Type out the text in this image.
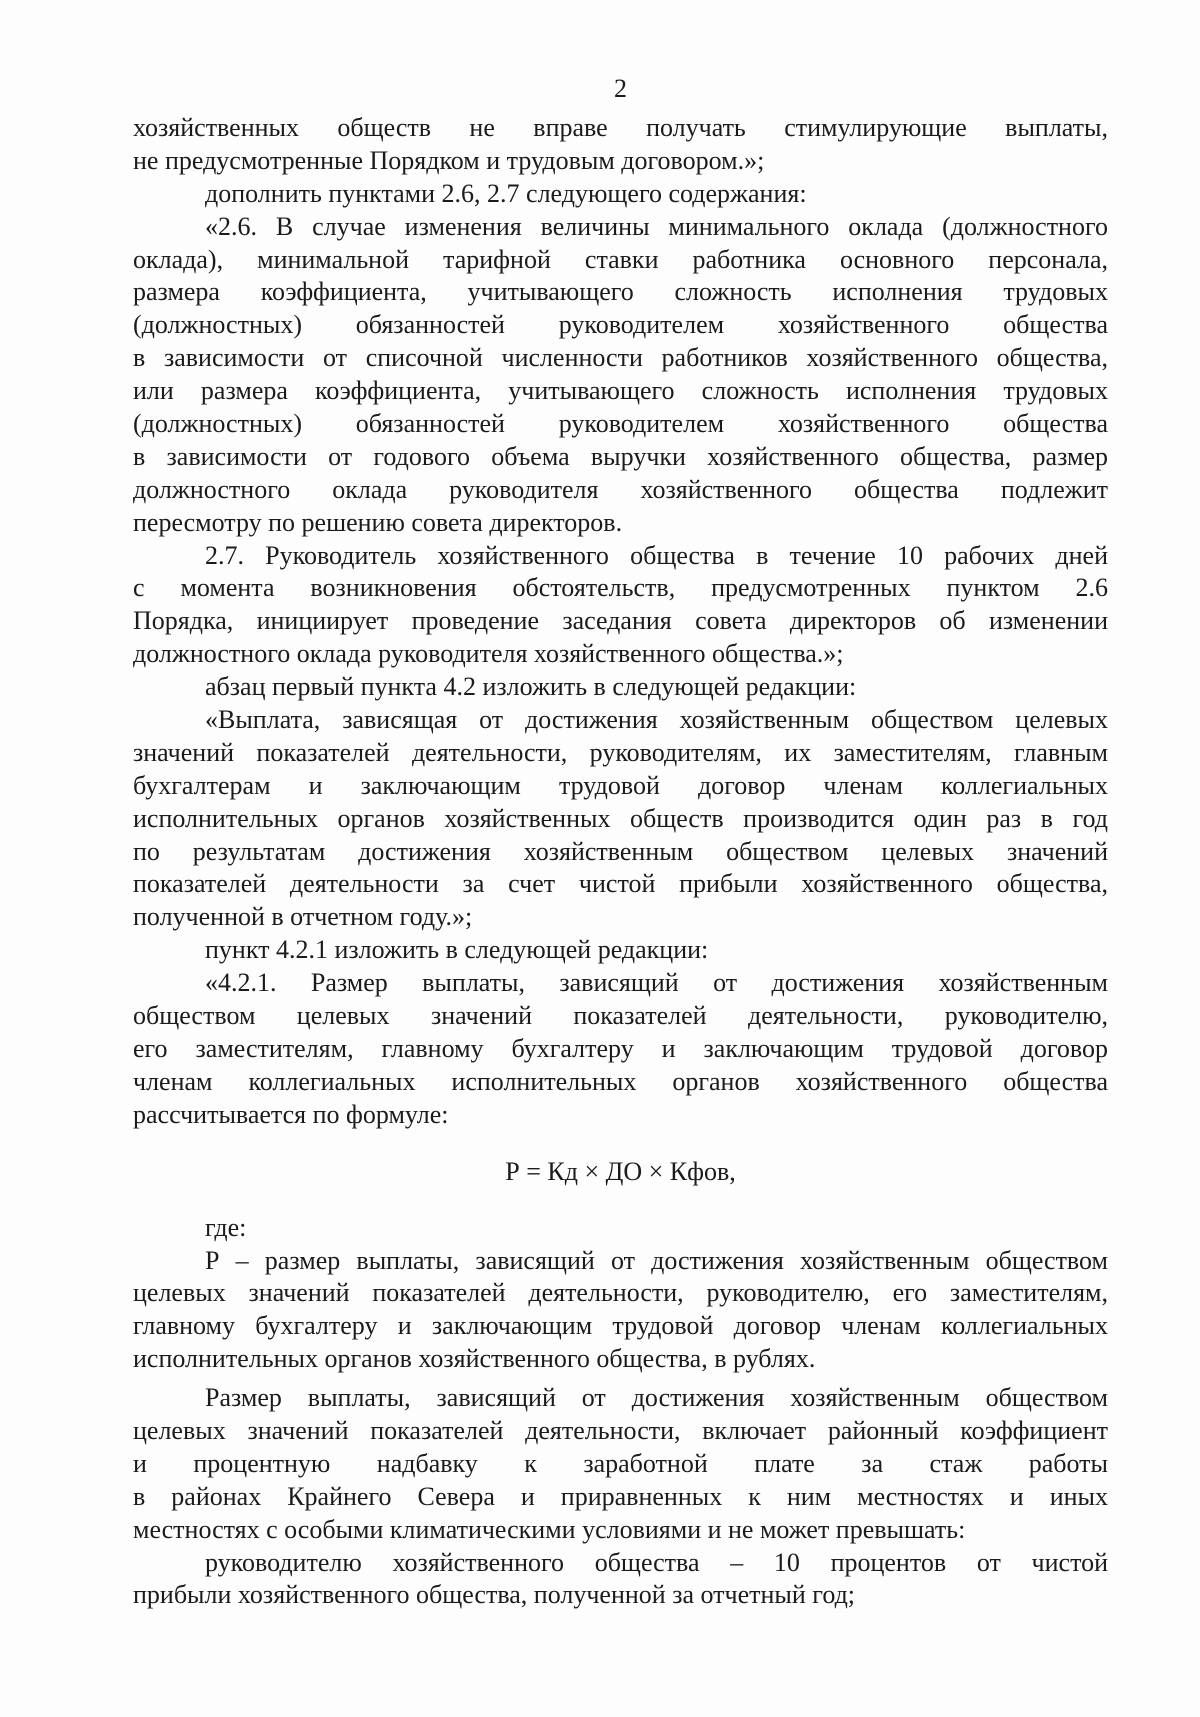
2
хозяйственных обществ не вправе получать стимулирующие выплаты,
не предусмотренные Порядком и трудовым договором.»;
дополнить пунктами 2.6, 2.7 следующего содержания:
«2.6. В случае изменения величины минимального оклада (должностного
оклада), минимальной тарифной ставки работника основного персонала,
размера коэффициента, учитывающего сложность исполнения трудовых
(должностных) обязанностей руководителем хозяйственного общества
в зависимости от списочной численности работников хозяйственного общества,
или размера коэффициента, учитывающего сложность исполнения трудовых
(должностных) обязанностей руководителем хозяйственного общества
в зависимости от годового объема выручки хозяйственного общества, размер
должностного оклада руководителя хозяйственного общества подлежит
пересмотру по решению совета директоров.
2.7. Руководитель хозяйственного общества в течение 10 рабочих дней
с момента возникновения обстоятельств, предусмотренных пунктом 2.6
Порядка, инициирует проведение заседания совета директоров об изменении
должностного оклада руководителя хозяйственного общества.»;
абзац первый пункта 4.2 изложить в следующей редакции:
«Выплата, зависящая от достижения хозяйственным обществом целевых
значений показателей деятельности, руководителям, их заместителям, главным
бухгалтерам и заключающим трудовой договор членам коллегиальных
исполнительных органов хозяйственных обществ производится один раз в год
по результатам достижения хозяйственным обществом целевых значений
показателей деятельности за счет чистой прибыли хозяйственного общества,
полученной в отчетном году.»;
пункт 4.2.1 изложить в следующей редакции:
«4.2.1. Размер выплаты, зависящий от достижения хозяйственным
обществом целевых значений показателей деятельности, руководителю,
его заместителям, главному бухгалтеру и заключающим трудовой договор
членам коллегиальных исполнительных органов хозяйственного общества
рассчитывается по формуле:
Р = Кд × ДО × Кфов,
где:
Р – размер выплаты, зависящий от достижения хозяйственным обществом
целевых значений показателей деятельности, руководителю, его заместителям,
главному бухгалтеру и заключающим трудовой договор членам коллегиальных
исполнительных органов хозяйственного общества, в рублях.
Размер выплаты, зависящий от достижения хозяйственным обществом
целевых значений показателей деятельности, включает районный коэффициент
и процентную надбавку к заработной плате за стаж работы
в районах Крайнего Севера и приравненных к ним местностях и иных
местностях с особыми климатическими условиями и не может превышать:
руководителю хозяйственного общества – 10 процентов от чистой
прибыли хозяйственного общества, полученной за отчетный год;
